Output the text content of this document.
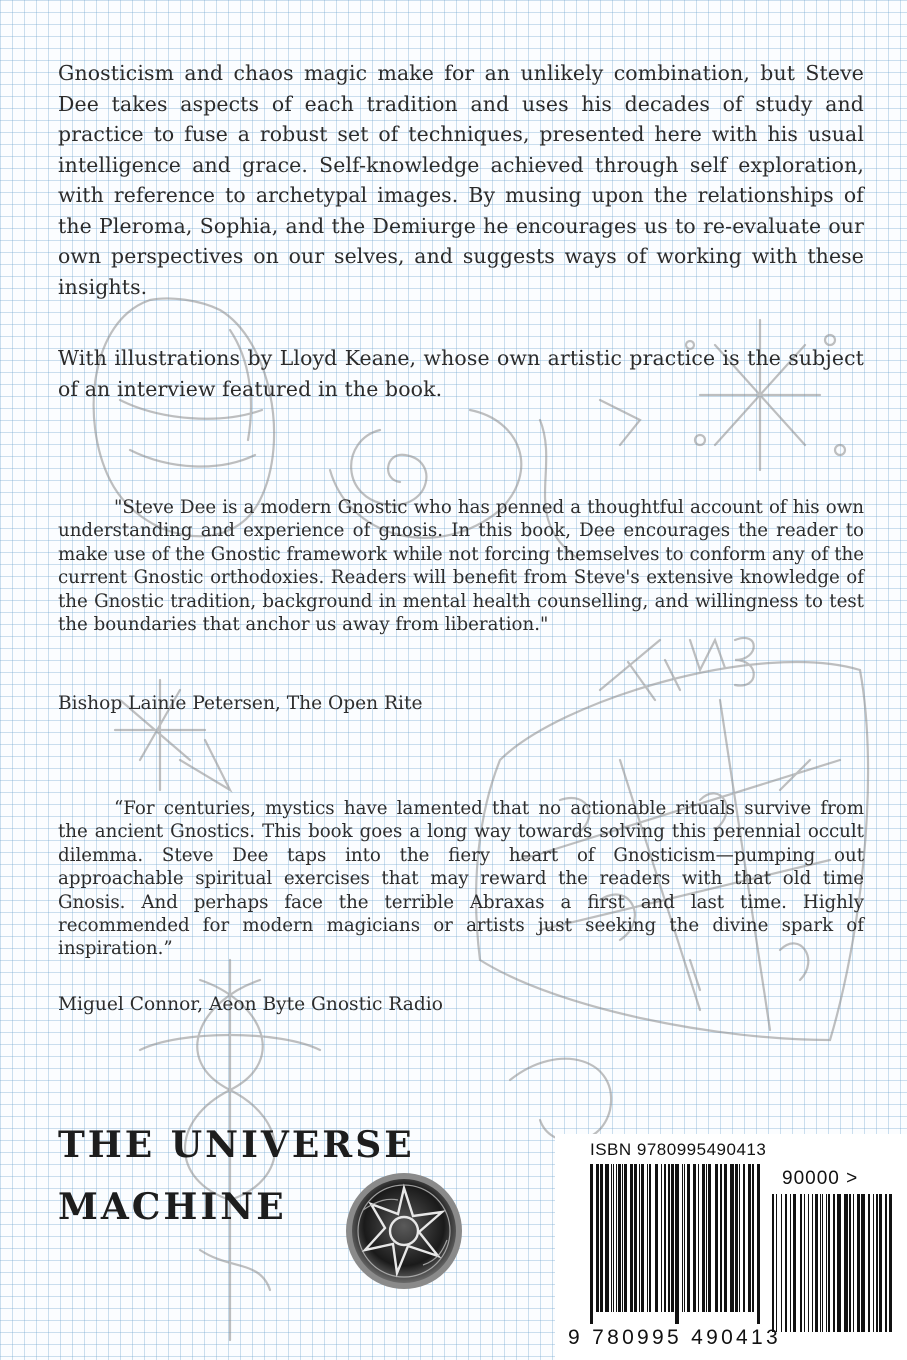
Gnosticism and chaos magic make for an unlikely combination, but Steve Dee takes aspects of each tradition and uses his decades of study and practice to fuse a robust set of techniques, presented here with his usual intelligence and grace. Self-knowledge achieved through self exploration, with reference to archetypal images. By musing upon the relationships of the Pleroma, Sophia, and the Demiurge he encourages us to re-evaluate our own perspectives on our selves, and suggests ways of working with these insights.

With illustrations by Lloyd Keane, whose own artistic practice is the subject of an interview featured in the book.

"Steve Dee is a modern Gnostic who has penned a thoughtful account of his own understanding and experience of gnosis. In this book, Dee encourages the reader to make use of the Gnostic framework while not forcing themselves to conform any of the current Gnostic orthodoxies. Readers will benefit from Steve's extensive knowledge of the Gnostic tradition, background in mental health counselling, and willingness to test the boundaries that anchor us away from liberation."

Bishop Lainie Petersen, The Open Rite

“For centuries, mystics have lamented that no actionable rituals survive from the ancient Gnostics. This book goes a long way towards solving this perennial occult dilemma. Steve Dee taps into the fiery heart of Gnosticism—pumping out approachable spiritual exercises that may reward the readers with that old time Gnosis. And perhaps face the terrible Abraxas a first and last time. Highly recommended for modern magicians or artists just seeking the divine spark of inspiration.”

Miguel Connor, Aeon Byte Gnostic Radio

THE UNIVERSE

MACHINE

ISBN 9780995490413

90000 >

9 780995 490413
